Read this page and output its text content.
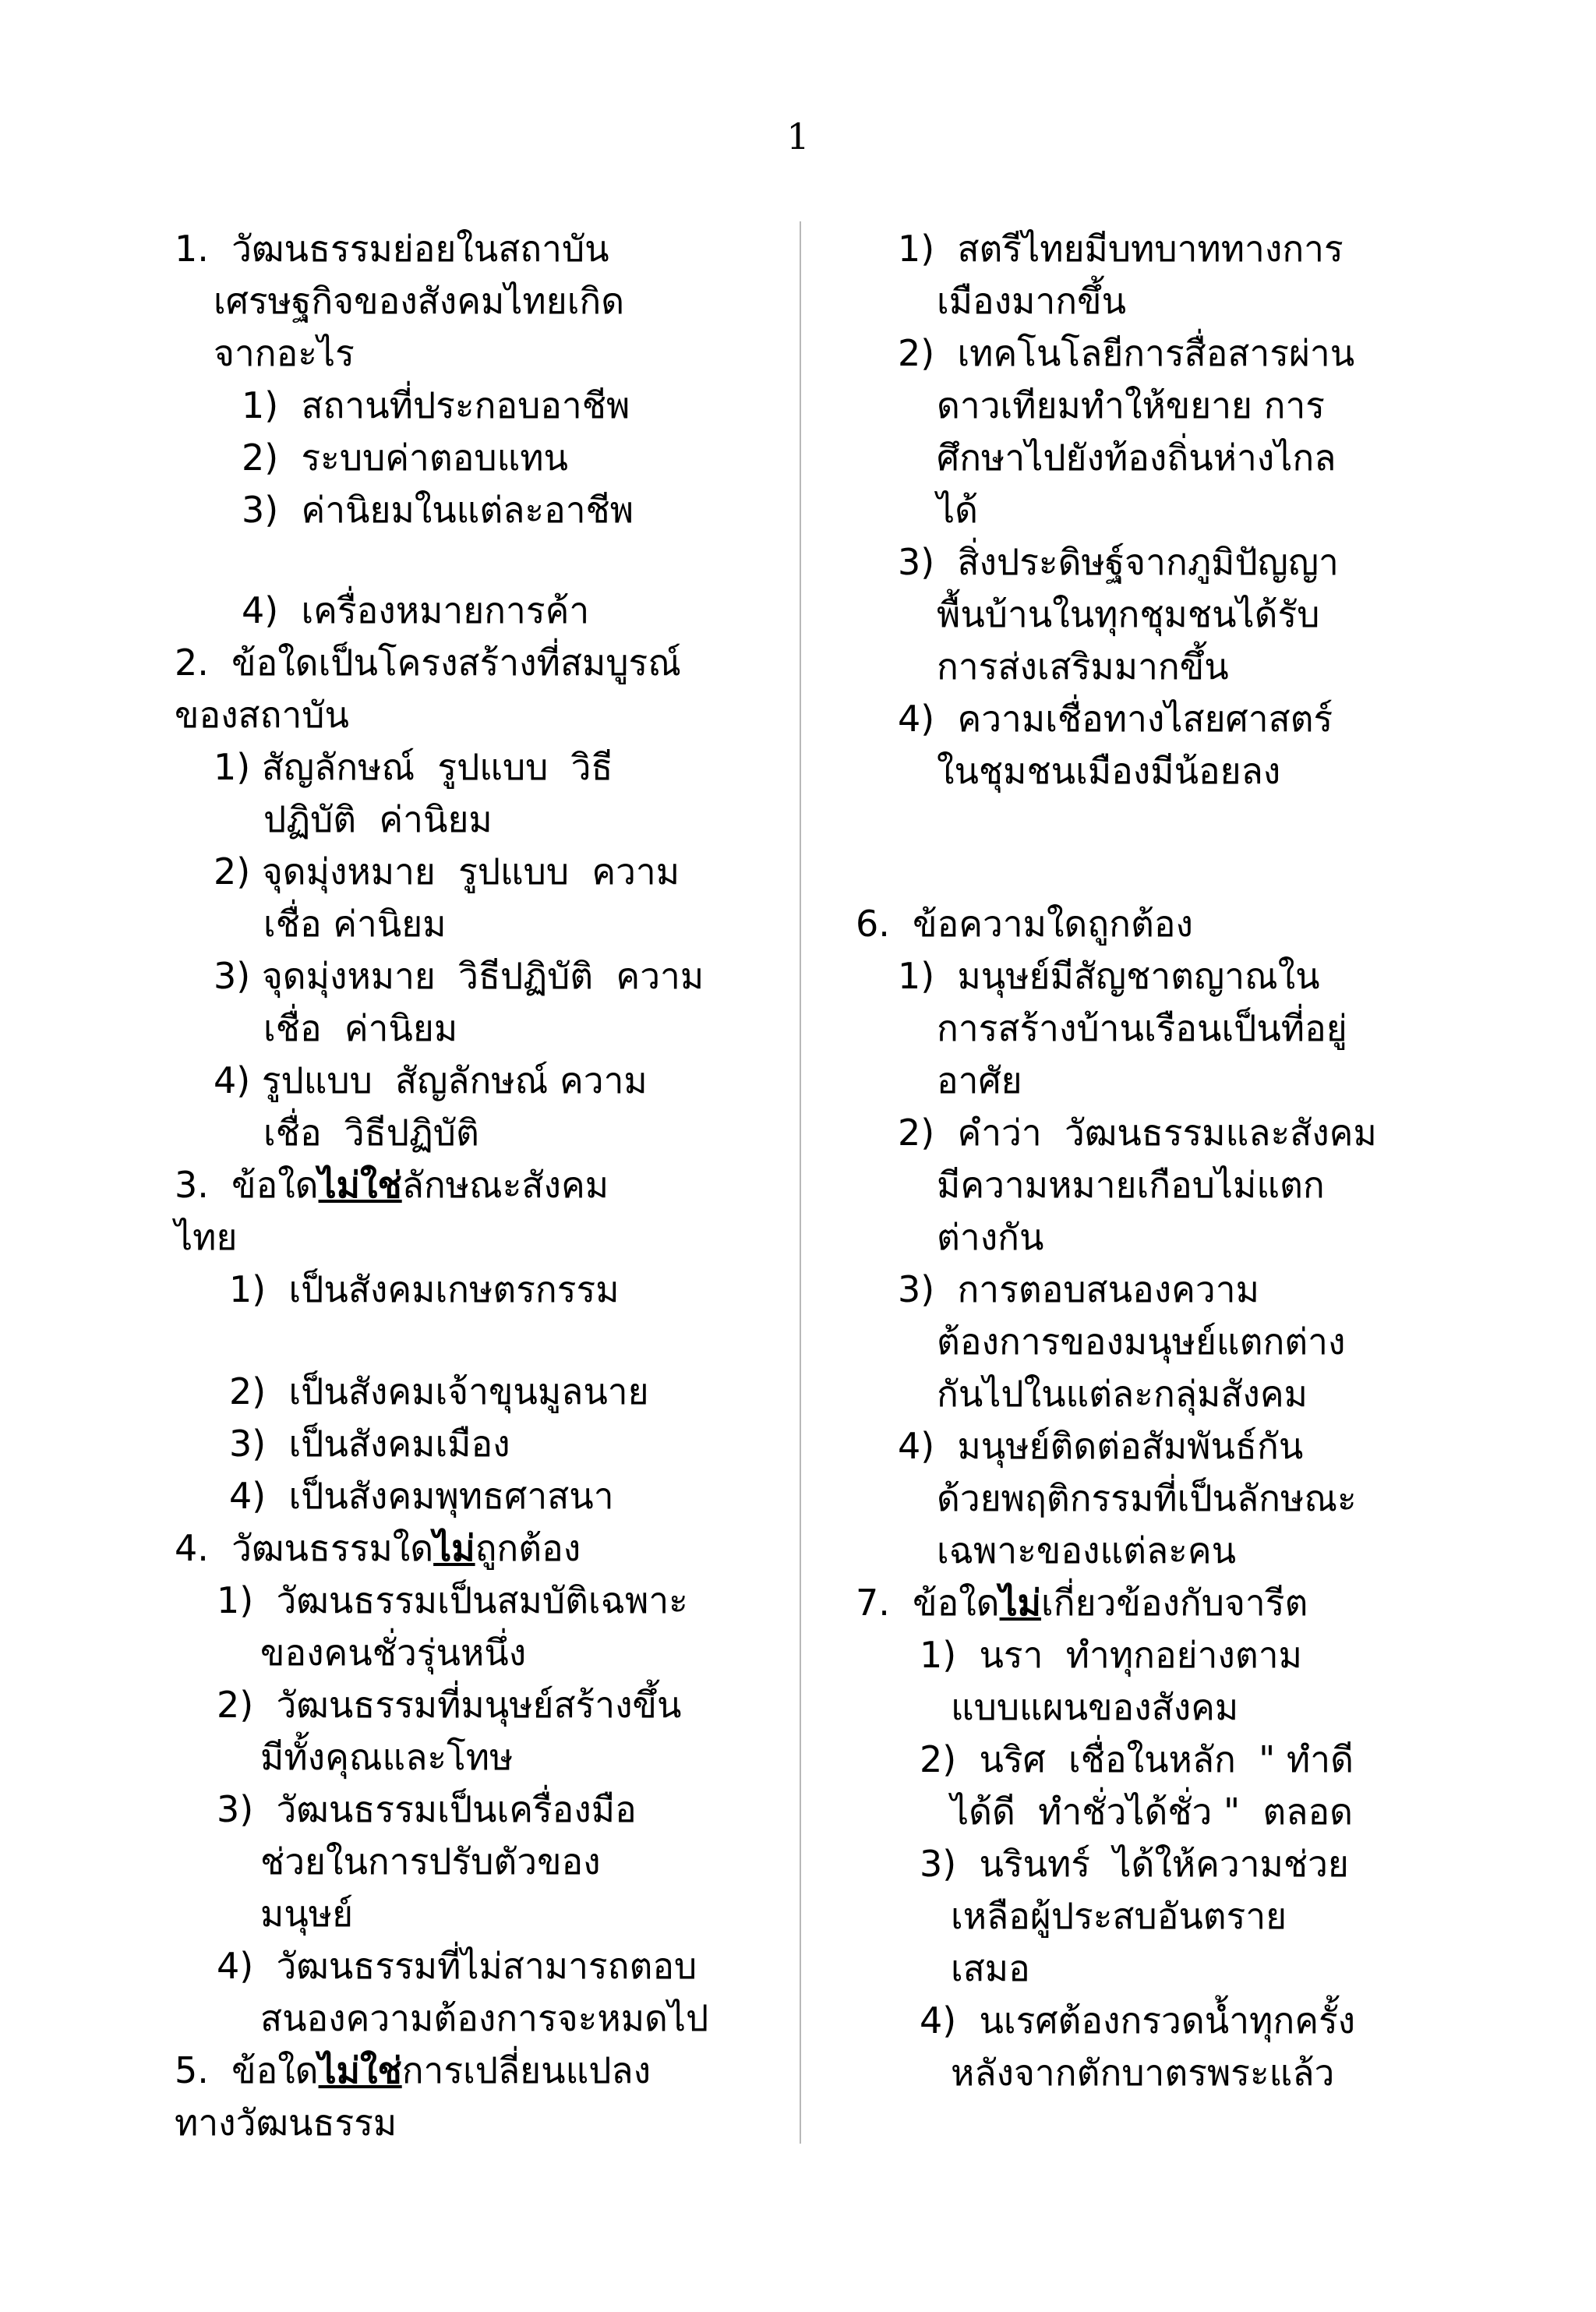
1
1.  วัฒนธรรมย่อยในสถาบัน
เศรษฐกิจของสังคมไทยเกิด
จากอะไร
1)  สถานที่ประกอบอาชีพ
2)  ระบบค่าตอบแทน
3)  ค่านิยมในแต่ละอาชีพ
4)  เครื่องหมายการค้า
2.  ข้อใดเป็นโครงสร้างที่สมบูรณ์
ของสถาบัน
1) สัญลักษณ์  รูปแบบ  วิธี
ปฏิบัติ  ค่านิยม
2) จุดมุ่งหมาย  รูปแบบ  ความ
เชื่อ ค่านิยม
3) จุดมุ่งหมาย  วิธีปฏิบัติ  ความ
เชื่อ  ค่านิยม
4) รูปแบบ  สัญลักษณ์ ความ
เชื่อ  วิธีปฏิบัติ
3.  ข้อใดไม่ใช่ลักษณะสังคม
ไทย
1)  เป็นสังคมเกษตรกรรม
2)  เป็นสังคมเจ้าขุนมูลนาย
3)  เป็นสังคมเมือง
4)  เป็นสังคมพุทธศาสนา
4.  วัฒนธรรมใดไม่ถูกต้อง
1)  วัฒนธรรมเป็นสมบัติเฉพาะ
ของคนชั่วรุ่นหนึ่ง
2)  วัฒนธรรมที่มนุษย์สร้างขึ้น
มีทั้งคุณและโทษ
3)  วัฒนธรรมเป็นเครื่องมือ
ช่วยในการปรับตัวของ
มนุษย์
4)  วัฒนธรรมที่ไม่สามารถตอบ
สนองความต้องการจะหมดไป
5.  ข้อใดไม่ใช่การเปลี่ยนแปลง
ทางวัฒนธรรม
1)  สตรีไทยมีบทบาททางการ
เมืองมากขึ้น
2)  เทคโนโลยีการสื่อสารผ่าน
ดาวเทียมทำให้ขยาย การ
ศึกษาไปยังท้องถิ่นห่างไกล
ได้
3)  สิ่งประดิษฐ์จากภูมิปัญญา
พื้นบ้านในทุกชุมชนได้รับ
การส่งเสริมมากขึ้น
4)  ความเชื่อทางไสยศาสตร์
ในชุมชนเมืองมีน้อยลง
6.  ข้อความใดถูกต้อง
1)  มนุษย์มีสัญชาตญาณใน
การสร้างบ้านเรือนเป็นที่อยู่
อาศัย
2)  คำว่า  วัฒนธรรมและสังคม
มีความหมายเกือบไม่แตก
ต่างกัน
3)  การตอบสนองความ
ต้องการของมนุษย์แตกต่าง
กันไปในแต่ละกลุ่มสังคม
4)  มนุษย์ติดต่อสัมพันธ์กัน
ด้วยพฤติกรรมที่เป็นลักษณะ
เฉพาะของแต่ละคน
7.  ข้อใดไม่เกี่ยวข้องกับจารีต
1)  นรา  ทำทุกอย่างตาม
แบบแผนของสังคม
2)  นริศ  เชื่อในหลัก  " ทำดี
ได้ดี  ทำชั่วได้ชั่ว "  ตลอด
3)  นรินทร์  ได้ให้ความช่วย
เหลือผู้ประสบอันตราย
เสมอ
4)  นเรศต้องกรวดน้ำทุกครั้ง
หลังจากตักบาตรพระแล้ว
